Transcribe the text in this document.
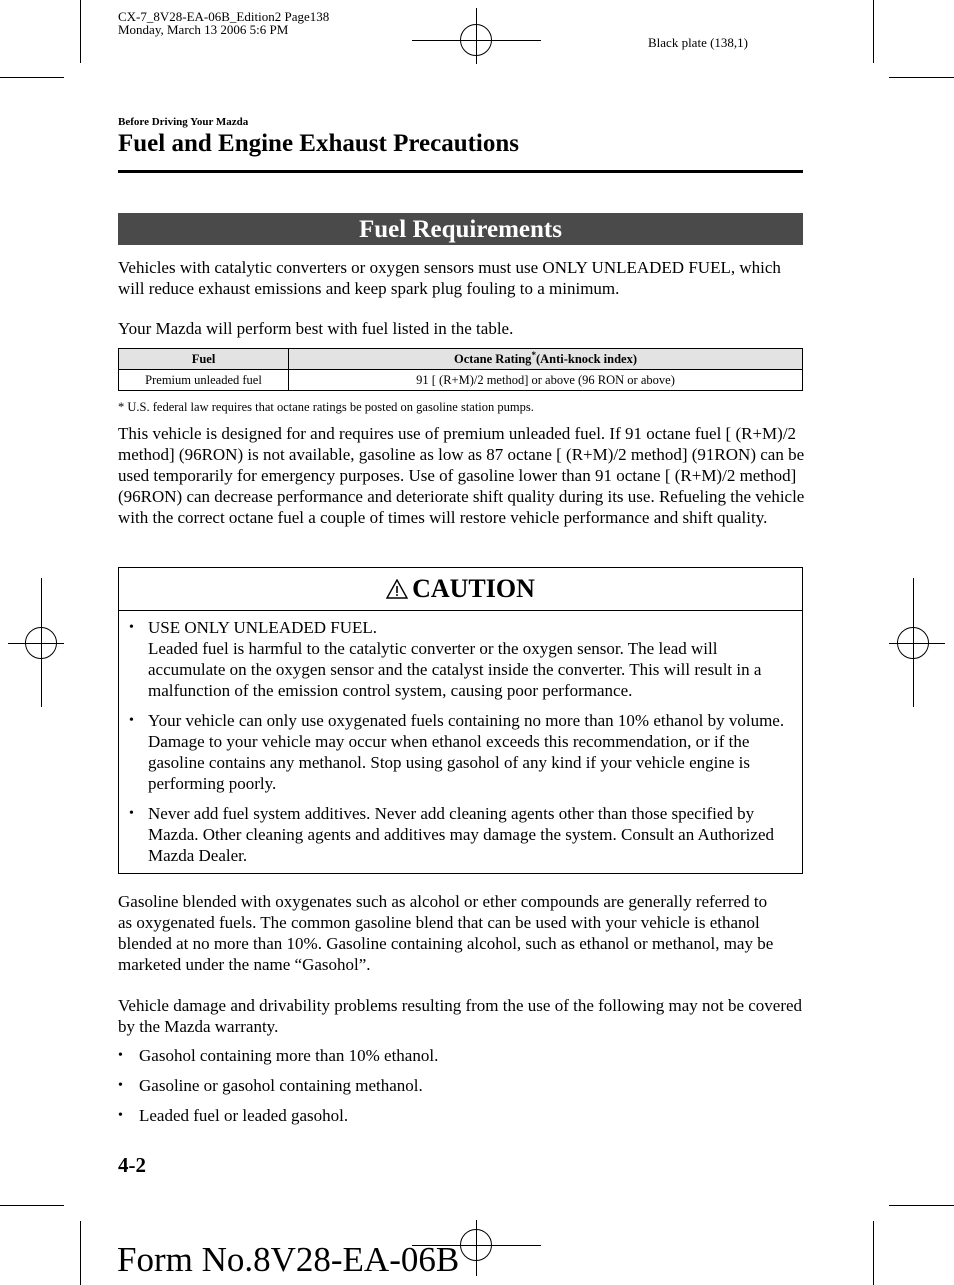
CX-7_8V28-EA-06B_Edition2 Page138
Monday, March 13 2006 5:6 PM
Black plate (138,1)
Before Driving Your Mazda
Fuel and Engine Exhaust Precautions
Fuel Requirements
Vehicles with catalytic converters or oxygen sensors must use ONLY UNLEADED FUEL, which will reduce exhaust emissions and keep spark plug fouling to a minimum.
Your Mazda will perform best with fuel listed in the table.
Fuel	Octane Rating*(Anti-knock index)
Premium unleaded fuel	91 [ (R+M)/2 method] or above (96 RON or above)
* U.S. federal law requires that octane ratings be posted on gasoline station pumps.
This vehicle is designed for and requires use of premium unleaded fuel. If 91 octane fuel [ (R+M)/2 method] (96RON) is not available, gasoline as low as 87 octane [ (R+M)/2 method] (91RON) can be used temporarily for emergency purposes. Use of gasoline lower than 91 octane [ (R+M)/2 method] (96RON) can decrease performance and deteriorate shift quality during its use. Refueling the vehicle with the correct octane fuel a couple of times will restore vehicle performance and shift quality.
CAUTION
• USE ONLY UNLEADED FUEL.
Leaded fuel is harmful to the catalytic converter or the oxygen sensor. The lead will accumulate on the oxygen sensor and the catalyst inside the converter. This will result in a malfunction of the emission control system, causing poor performance.
• Your vehicle can only use oxygenated fuels containing no more than 10% ethanol by volume. Damage to your vehicle may occur when ethanol exceeds this recommendation, or if the gasoline contains any methanol. Stop using gasohol of any kind if your vehicle engine is performing poorly.
• Never add fuel system additives. Never add cleaning agents other than those specified by Mazda. Other cleaning agents and additives may damage the system. Consult an Authorized Mazda Dealer.
Gasoline blended with oxygenates such as alcohol or ether compounds are generally referred to as oxygenated fuels. The common gasoline blend that can be used with your vehicle is ethanol blended at no more than 10%. Gasoline containing alcohol, such as ethanol or methanol, may be marketed under the name “Gasohol”.
Vehicle damage and drivability problems resulting from the use of the following may not be covered by the Mazda warranty.
• Gasohol containing more than 10% ethanol.
• Gasoline or gasohol containing methanol.
• Leaded fuel or leaded gasohol.
4-2
Form No.8V28-EA-06B
